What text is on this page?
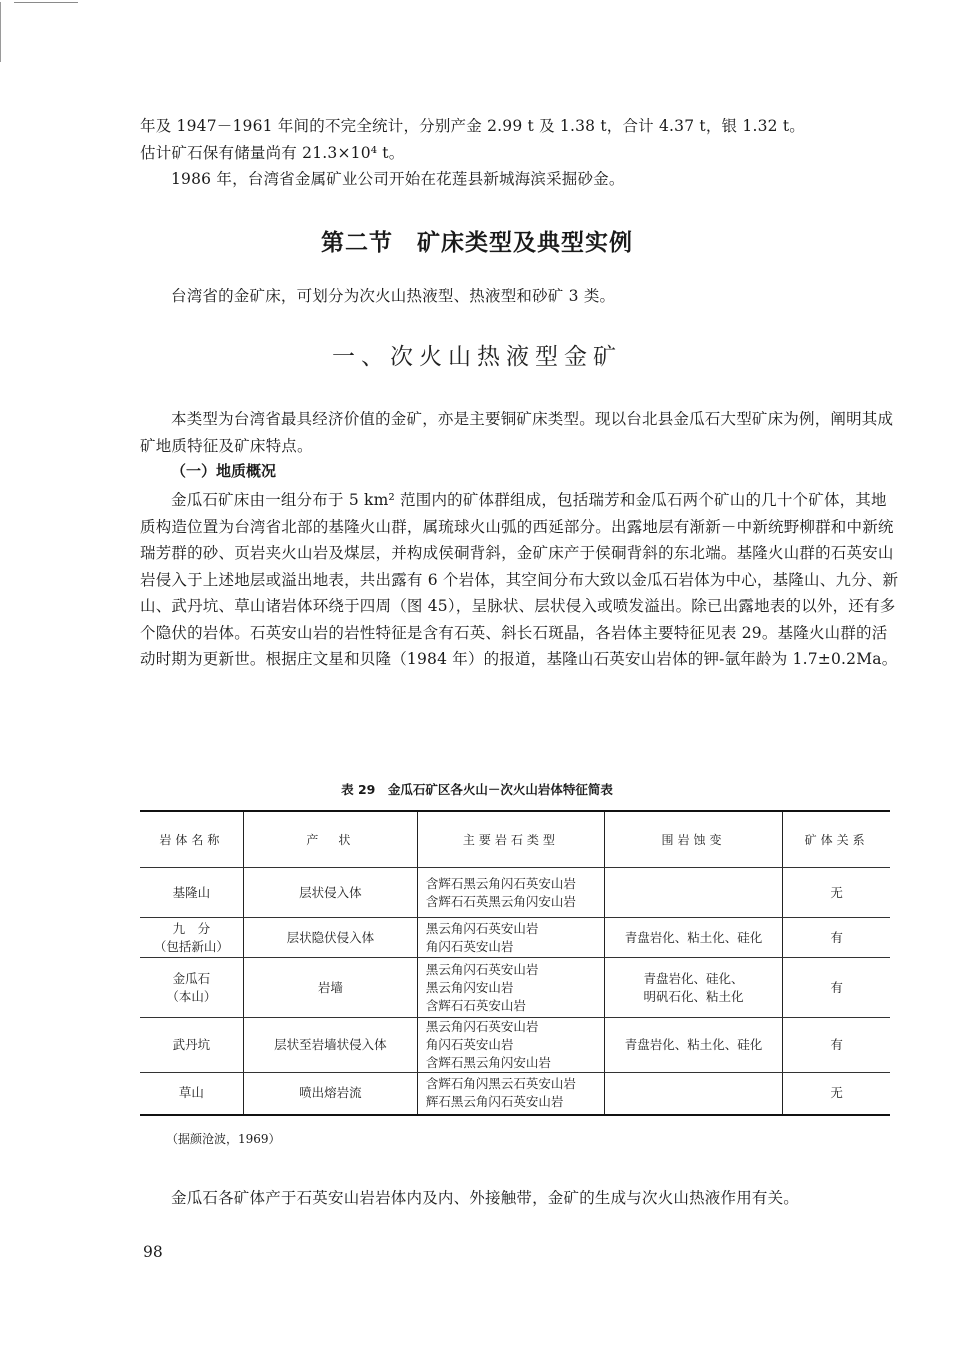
年及 1947－1961 年间的不完全统计，分别产金 2.99 t 及 1.38 t，合计 4.37 t，银 1.32 t。
估计矿石保有储量尚有 21.3×10⁴ t。

1986 年，台湾省金属矿业公司开始在花莲县新城海滨采掘砂金。

第二节　矿床类型及典型实例

台湾省的金矿床，可划分为次火山热液型、热液型和砂矿 3 类。

一、次火山热液型金矿

本类型为台湾省最具经济价值的金矿，亦是主要铜矿床类型。现以台北县金瓜石大型矿床为例，阐明其成矿地质特征及矿床特点。

（一）地质概况

金瓜石矿床由一组分布于 5 km² 范围内的矿体群组成，包括瑞芳和金瓜石两个矿山的几十个矿体，其地质构造位置为台湾省北部的基隆火山群，属琉球火山弧的西延部分。出露地层有渐新－中新统野柳群和中新统瑞芳群的砂、页岩夹火山岩及煤层，并构成侯硐背斜，金矿床产于侯硐背斜的东北端。基隆火山群的石英安山岩侵入于上述地层或溢出地表，共出露有 6 个岩体，其空间分布大致以金瓜石岩体为中心，基隆山、九分、新山、武丹坑、草山诸岩体环绕于四周（图 45），呈脉状、层状侵入或喷发溢出。除已出露地表的以外，还有多个隐伏的岩体。石英安山岩的岩性特征是含有石英、斜长石斑晶，各岩体主要特征见表 29。基隆火山群的活动时期为更新世。根据庄文星和贝隆（1984 年）的报道，基隆山石英安山岩体的钾-氩年龄为 1.7±0.2Ma。

表 29　金瓜石矿区各火山－次火山岩体特征简表
岩体名称	产　状	主要岩石类型	围岩蚀变	矿体关系

基隆山	层状侵入体	含辉石黑云角闪石英安山岩
含辉石石英黑云角闪安山岩		无

九　分
（包括新山）	层状隐伏侵入体	黑云角闪石英安山岩
角闪石英安山岩	青盘岩化、粘土化、硅化	有

金瓜石
（本山）	岩墙	黑云角闪石英安山岩
黑云角闪安山岩
含辉石石英安山岩	青盘岩化、硅化、
明矾石化、粘土化	有

武丹坑	层状至岩墙状侵入体	黑云角闪石英安山岩
角闪石英安山岩
含辉石黑云角闪安山岩	青盘岩化、粘土化、硅化	有

草山	喷出熔岩流	含辉石角闪黑云石英安山岩
辉石黑云角闪石英安山岩		无
（据颜沧波，1969）

金瓜石各矿体产于石英安山岩岩体内及内、外接触带，金矿的生成与次火山热液作用有关。

98
